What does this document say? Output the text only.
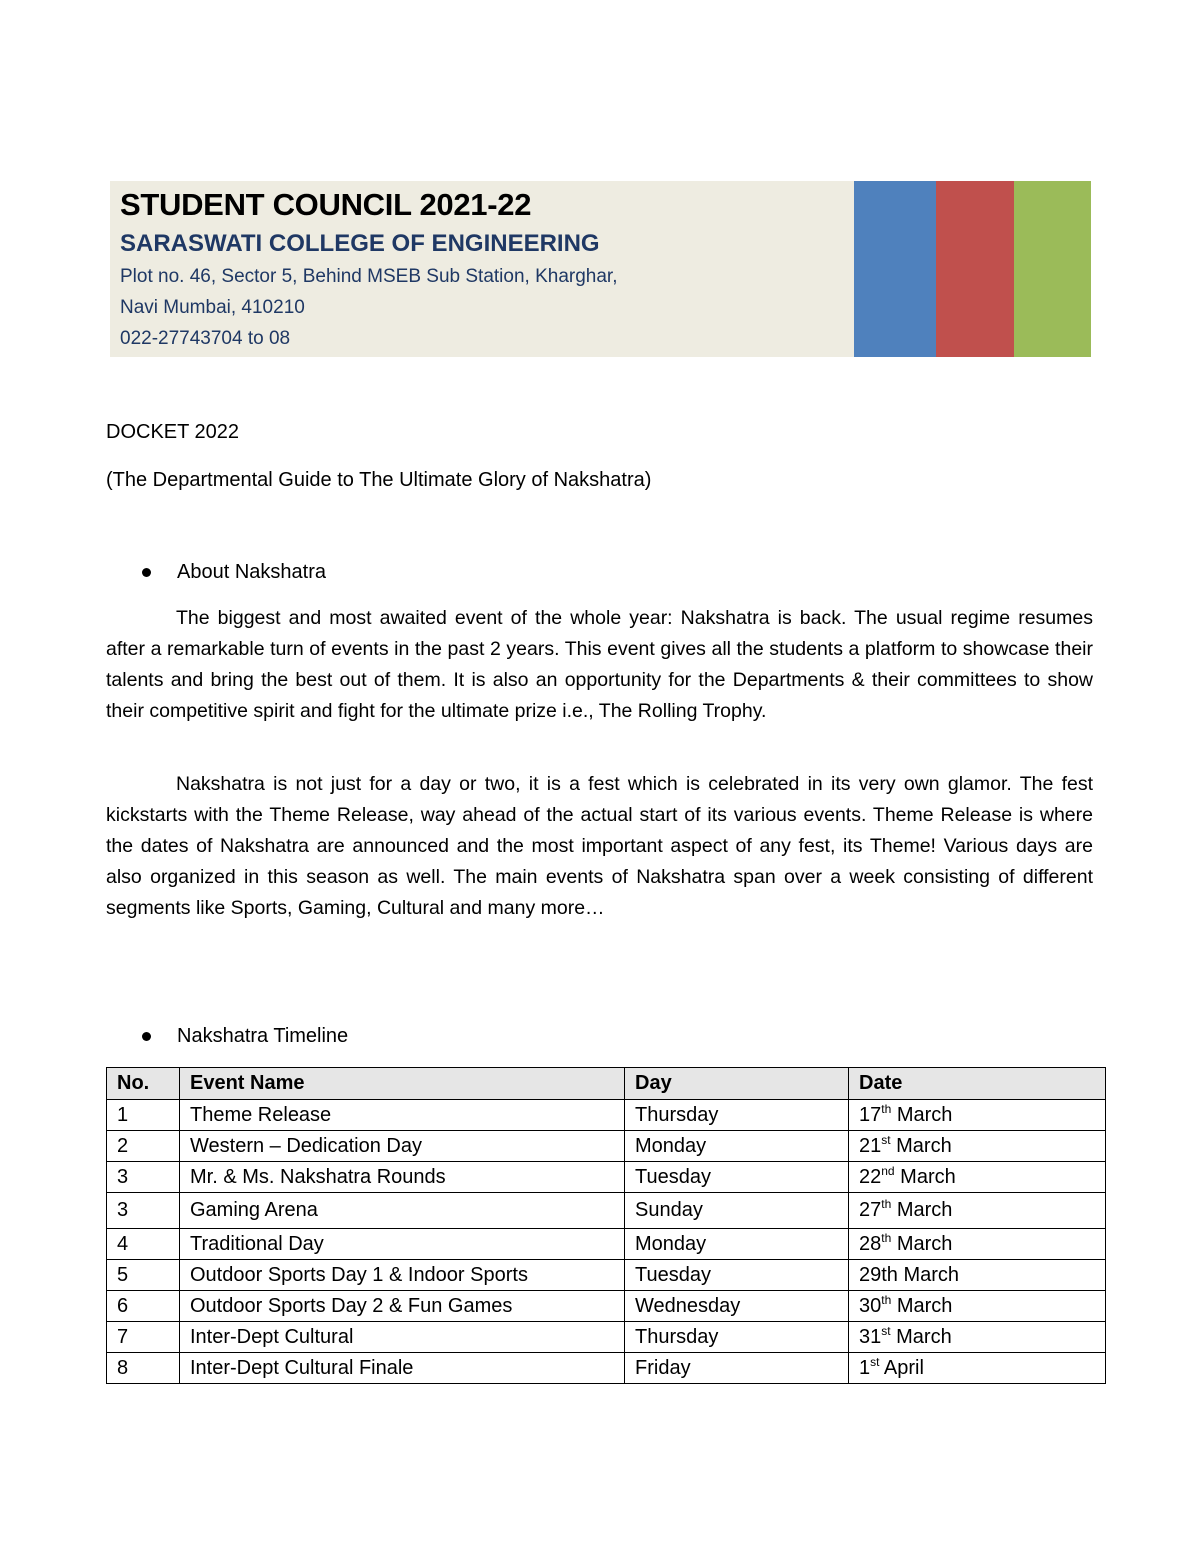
STUDENT COUNCIL 2021-22
SARASWATI COLLEGE OF ENGINEERING
Plot no. 46, Sector 5, Behind MSEB Sub Station, Kharghar,
Navi Mumbai, 410210
022-27743704 to 08
DOCKET 2022
(The Departmental Guide to The Ultimate Glory of Nakshatra)
About Nakshatra

The biggest and most awaited event of the whole year: Nakshatra is back. The usual regime resumes after a remarkable turn of events in the past 2 years. This event gives all the students a platform to showcase their talents and bring the best out of them. It is also an opportunity for the Departments & their committees to show their competitive spirit and fight for the ultimate prize i.e., The Rolling Trophy.

Nakshatra is not just for a day or two, it is a fest which is celebrated in its very own glamor. The fest kickstarts with the Theme Release, way ahead of the actual start of its various events. Theme Release is where the dates of Nakshatra are announced and the most important aspect of any fest, its Theme! Various days are also organized in this season as well. The main events of Nakshatra span over a week consisting of different segments like Sports, Gaming, Cultural and many more…

Nakshatra Timeline
No.	Event Name	Day	Date
1	Theme Release	Thursday	17th March
2	Western – Dedication Day	Monday	21st March
3	Mr. & Ms. Nakshatra Rounds	Tuesday	22nd March
3	Gaming Arena	Sunday	27th March
4	Traditional Day	Monday	28th March
5	Outdoor Sports Day 1 & Indoor Sports	Tuesday	29th March
6	Outdoor Sports Day 2 & Fun Games	Wednesday	30th March
7	Inter-Dept Cultural	Thursday	31st March
8	Inter-Dept Cultural Finale	Friday	1st April
